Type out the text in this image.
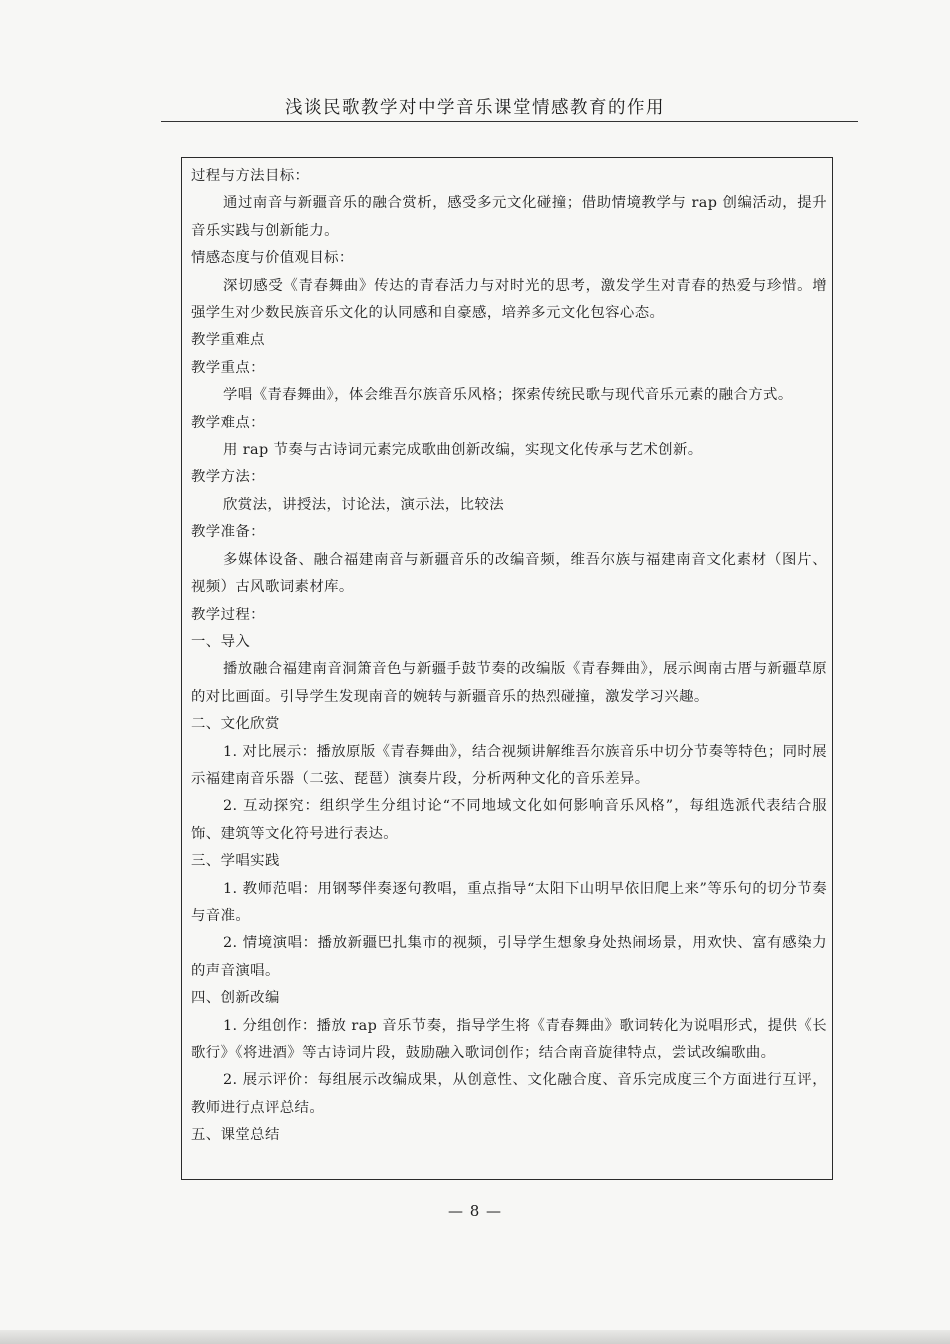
浅谈民歌教学对中学音乐课堂情感教育的作用

过程与方法目标：

通过南音与新疆音乐的融合赏析，感受多元文化碰撞；借助情境教学与 rap 创编活动，提升音乐实践与创新能力。

情感态度与价值观目标：

深切感受《青春舞曲》传达的青春活力与对时光的思考，激发学生对青春的热爱与珍惜。增强学生对少数民族音乐文化的认同感和自豪感，培养多元文化包容心态。

教学重难点

教学重点：

学唱《青春舞曲》，体会维吾尔族音乐风格；探索传统民歌与现代音乐元素的融合方式。

教学难点：

用 rap 节奏与古诗词元素完成歌曲创新改编，实现文化传承与艺术创新。

教学方法：

欣赏法，讲授法，讨论法，演示法，比较法

教学准备：

多媒体设备、融合福建南音与新疆音乐的改编音频，维吾尔族与福建南音文化素材（图片、视频）古风歌词素材库。

教学过程：

一、导入

播放融合福建南音洞箫音色与新疆手鼓节奏的改编版《青春舞曲》，展示闽南古厝与新疆草原的对比画面。引导学生发现南音的婉转与新疆音乐的热烈碰撞，激发学习兴趣。

二、文化欣赏

1. 对比展示：播放原版《青春舞曲》，结合视频讲解维吾尔族音乐中切分节奏等特色；同时展示福建南音乐器（二弦、琵琶）演奏片段，分析两种文化的音乐差异。

2. 互动探究：组织学生分组讨论“不同地域文化如何影响音乐风格”，每组选派代表结合服饰、建筑等文化符号进行表达。

三、学唱实践

1. 教师范唱：用钢琴伴奏逐句教唱，重点指导“太阳下山明早依旧爬上来”等乐句的切分节奏与音准。

2. 情境演唱：播放新疆巴扎集市的视频，引导学生想象身处热闹场景，用欢快、富有感染力的声音演唱。

四、创新改编

1. 分组创作：播放 rap 音乐节奏，指导学生将《青春舞曲》歌词转化为说唱形式，提供《长歌行》《将进酒》等古诗词片段，鼓励融入歌词创作；结合南音旋律特点，尝试改编歌曲。

2. 展示评价：每组展示改编成果，从创意性、文化融合度、音乐完成度三个方面进行互评，教师进行点评总结。

五、课堂总结

— 8 —
